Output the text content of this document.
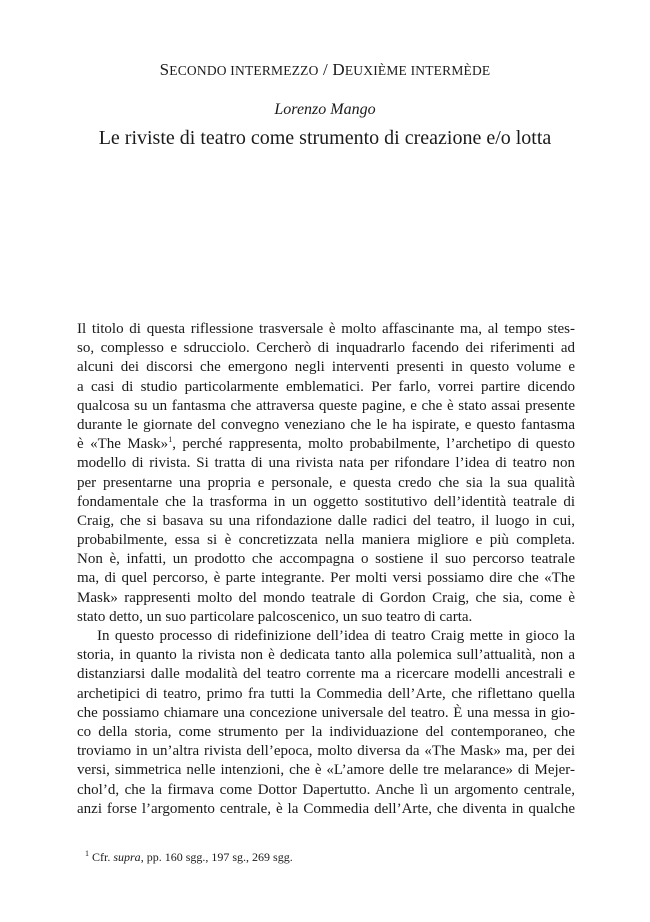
SECONDO INTERMEZZO / DEUXIÈME INTERMÈDE
Lorenzo Mango
Le riviste di teatro come strumento di creazione e/o lotta
Il titolo di questa riflessione trasversale è molto affascinante ma, al tempo stes-
so, complesso e sdrucciolo. Cercherò di inquadrarlo facendo dei riferimenti ad
alcuni dei discorsi che emergono negli interventi presenti in questo volume e
a casi di studio particolarmente emblematici. Per farlo, vorrei partire dicendo
qualcosa su un fantasma che attraversa queste pagine, e che è stato assai presente
durante le giornate del convegno veneziano che le ha ispirate, e questo fantasma
è «The Mask»$^1$, perché rappresenta, molto probabilmente, l’archetipo di questo
modello di rivista. Si tratta di una rivista nata per rifondare l’idea di teatro non
per presentarne una propria e personale, e questa credo che sia la sua qualità
fondamentale che la trasforma in un oggetto sostitutivo dell’identità teatrale di
Craig, che si basava su una rifondazione dalle radici del teatro, il luogo in cui,
probabilmente, essa si è concretizzata nella maniera migliore e più completa.
Non è, infatti, un prodotto che accompagna o sostiene il suo percorso teatrale
ma, di quel percorso, è parte integrante. Per molti versi possiamo dire che «The
Mask» rappresenti molto del mondo teatrale di Gordon Craig, che sia, come è
stato detto, un suo particolare palcoscenico, un suo teatro di carta.
In questo processo di ridefinizione dell’idea di teatro Craig mette in gioco la
storia, in quanto la rivista non è dedicata tanto alla polemica sull’attualità, non a
distanziarsi dalle modalità del teatro corrente ma a ricercare modelli ancestrali e
archetipici di teatro, primo fra tutti la Commedia dell’Arte, che riflettano quella
che possiamo chiamare una concezione universale del teatro. È una messa in gio-
co della storia, come strumento per la individuazione del contemporaneo, che
troviamo in un’altra rivista dell’epoca, molto diversa da «The Mask» ma, per dei
versi, simmetrica nelle intenzioni, che è «L’amore delle tre melarance» di Mejer-
chol’d, che la firmava come Dottor Dapertutto. Anche lì un argomento centrale,
anzi forse l’argomento centrale, è la Commedia dell’Arte, che diventa in qualche
$^1$ Cfr. supra, pp. 160 sgg., 197 sg., 269 sgg.
